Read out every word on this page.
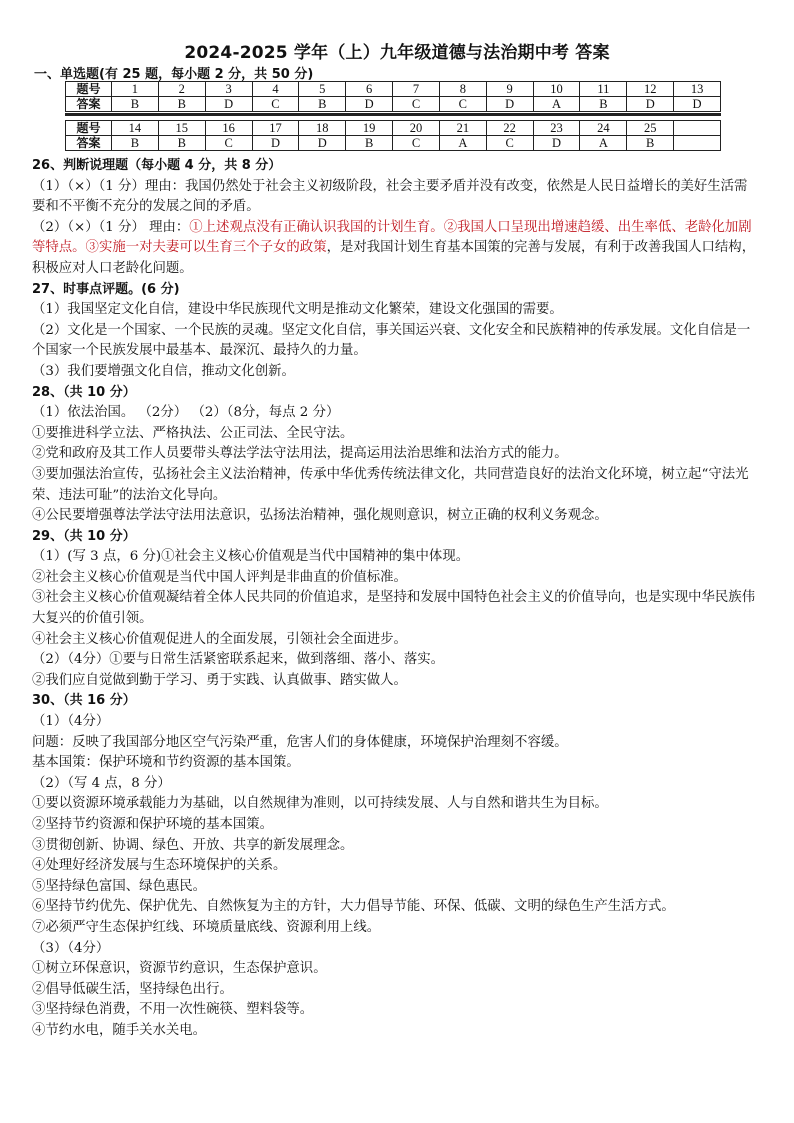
2024-2025 学年（上）九年级道德与法治期中考 答案
一、单选题(有 25 题，每小题 2 分，共 50 分)
题号	1	2	3	4	5	6	7	8	9	10	11	12	13
答案	B	B	D	C	B	D	C	C	D	A	B	D	D
题号	14	15	16	17	18	19	20	21	22	23	24	25	
答案	B	B	C	D	D	B	C	A	C	D	A	B	

26、判断说理题（每小题 4 分，共 8 分）

（1）（×）（1 分）理由：我国仍然处于社会主义初级阶段，社会主要矛盾并没有改变，依然是人民日益增长的美好生活需要和不平衡不充分的发展之间的矛盾。

（2）（×）（1 分） 理由：①上述观点没有正确认识我国的计划生育。②我国人口呈现出增速趋缓、出生率低、老龄化加剧等特点。③实施一对夫妻可以生育三个子女的政策，是对我国计划生育基本国策的完善与发展，有利于改善我国人口结构，积极应对人口老龄化问题。

27、时事点评题。(6 分)

（1）我国坚定文化自信，建设中华民族现代文明是推动文化繁荣，建设文化强国的需要。

（2）文化是一个国家、一个民族的灵魂。坚定文化自信，事关国运兴衰、文化安全和民族精神的传承发展。文化自信是一个国家一个民族发展中最基本、最深沉、最持久的力量。

（3）我们要增强文化自信，推动文化创新。

28、（共 10 分）

（1）依法治国。 （2分） （2）（8分，每点 2 分）

①要推进科学立法、严格执法、公正司法、全民守法。

②党和政府及其工作人员要带头尊法学法守法用法，提高运用法治思维和法治方式的能力。

③要加强法治宣传，弘扬社会主义法治精神，传承中华优秀传统法律文化，共同营造良好的法治文化环境，树立起“守法光荣、违法可耻”的法治文化导向。

④公民要增强尊法学法守法用法意识，弘扬法治精神，强化规则意识，树立正确的权利义务观念。

29、（共 10 分）

（1）(写 3 点，6 分)①社会主义核心价值观是当代中国精神的集中体现。

②社会主义核心价值观是当代中国人评判是非曲直的价值标准。

③社会主义核心价值观凝结着全体人民共同的价值追求，是坚持和发展中国特色社会主义的价值导向，也是实现中华民族伟大复兴的价值引领。

④社会主义核心价值观促进人的全面发展，引领社会全面进步。

（2）（4分）①要与日常生活紧密联系起来，做到落细、落小、落实。

②我们应自觉做到勤于学习、勇于实践、认真做事、踏实做人。

30、（共 16 分）

（1）（4分）

问题：反映了我国部分地区空气污染严重，危害人们的身体健康，环境保护治理刻不容缓。

基本国策：保护环境和节约资源的基本国策。

（2）（写 4 点，8 分）

①要以资源环境承载能力为基础，以自然规律为准则，以可持续发展、人与自然和谐共生为目标。

②坚持节约资源和保护环境的基本国策。

③贯彻创新、协调、绿色、开放、共享的新发展理念。

④处理好经济发展与生态环境保护的关系。

⑤坚持绿色富国、绿色惠民。

⑥坚持节约优先、保护优先、自然恢复为主的方针，大力倡导节能、环保、低碳、文明的绿色生产生活方式。

⑦必须严守生态保护红线、环境质量底线、资源利用上线。

（3）（4分）

①树立环保意识，资源节约意识，生态保护意识。

②倡导低碳生活，坚持绿色出行。

③坚持绿色消费，不用一次性碗筷、塑料袋等。

④节约水电，随手关水关电。
